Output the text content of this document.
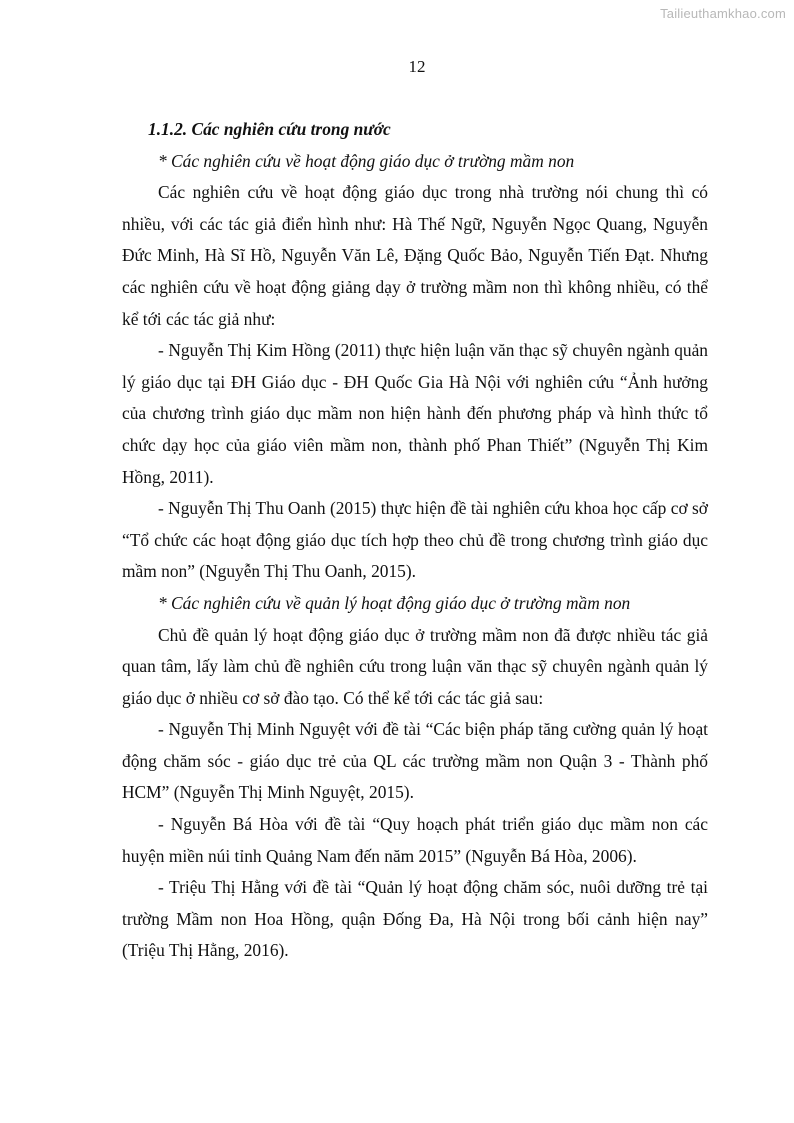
Tailieuthamkhao.com
12

1.1.2. Các nghiên cứu trong nước

* Các nghiên cứu về hoạt động giáo dục ở trường mầm non

Các nghiên cứu về hoạt động giáo dục trong nhà trường nói chung thì có nhiều, với các tác giả điển hình như: Hà Thế Ngữ, Nguyễn Ngọc Quang, Nguyễn Đức Minh, Hà Sĩ Hồ, Nguyễn Văn Lê, Đặng Quốc Bảo, Nguyễn Tiến Đạt. Nhưng các nghiên cứu về hoạt động giảng dạy ở trường mầm non thì không nhiều, có thể kể tới các tác giả như:

- Nguyễn Thị Kim Hồng (2011) thực hiện luận văn thạc sỹ chuyên ngành quản lý giáo dục tại ĐH Giáo dục - ĐH Quốc Gia Hà Nội với nghiên cứu “Ảnh hưởng của chương trình giáo dục mầm non hiện hành đến phương pháp và hình thức tổ chức dạy học của giáo viên mầm non, thành phố Phan Thiết” (Nguyễn Thị Kim Hồng, 2011).

- Nguyễn Thị Thu Oanh (2015) thực hiện đề tài nghiên cứu khoa học cấp cơ sở “Tổ chức các hoạt động giáo dục tích hợp theo chủ đề trong chương trình giáo dục mầm non” (Nguyễn Thị Thu Oanh, 2015).

* Các nghiên cứu về quản lý hoạt động giáo dục ở trường mầm non

Chủ đề quản lý hoạt động giáo dục ở trường mầm non đã được nhiều tác giả quan tâm, lấy làm chủ đề nghiên cứu trong luận văn thạc sỹ chuyên ngành quản lý giáo dục ở nhiều cơ sở đào tạo. Có thể kể tới các tác giả sau:

- Nguyễn Thị Minh Nguyệt với đề tài “Các biện pháp tăng cường quản lý hoạt động chăm sóc - giáo dục trẻ của QL các trường mầm non Quận 3 - Thành phố HCM” (Nguyễn Thị Minh Nguyệt, 2015).

- Nguyễn Bá Hòa với đề tài “Quy hoạch phát triển giáo dục mầm non các huyện miền núi tỉnh Quảng Nam đến năm 2015” (Nguyễn Bá Hòa, 2006).

- Triệu Thị Hằng với đề tài “Quản lý hoạt động chăm sóc, nuôi dưỡng trẻ tại trường Mầm non Hoa Hồng, quận Đống Đa, Hà Nội trong bối cảnh hiện nay” (Triệu Thị Hằng, 2016).
